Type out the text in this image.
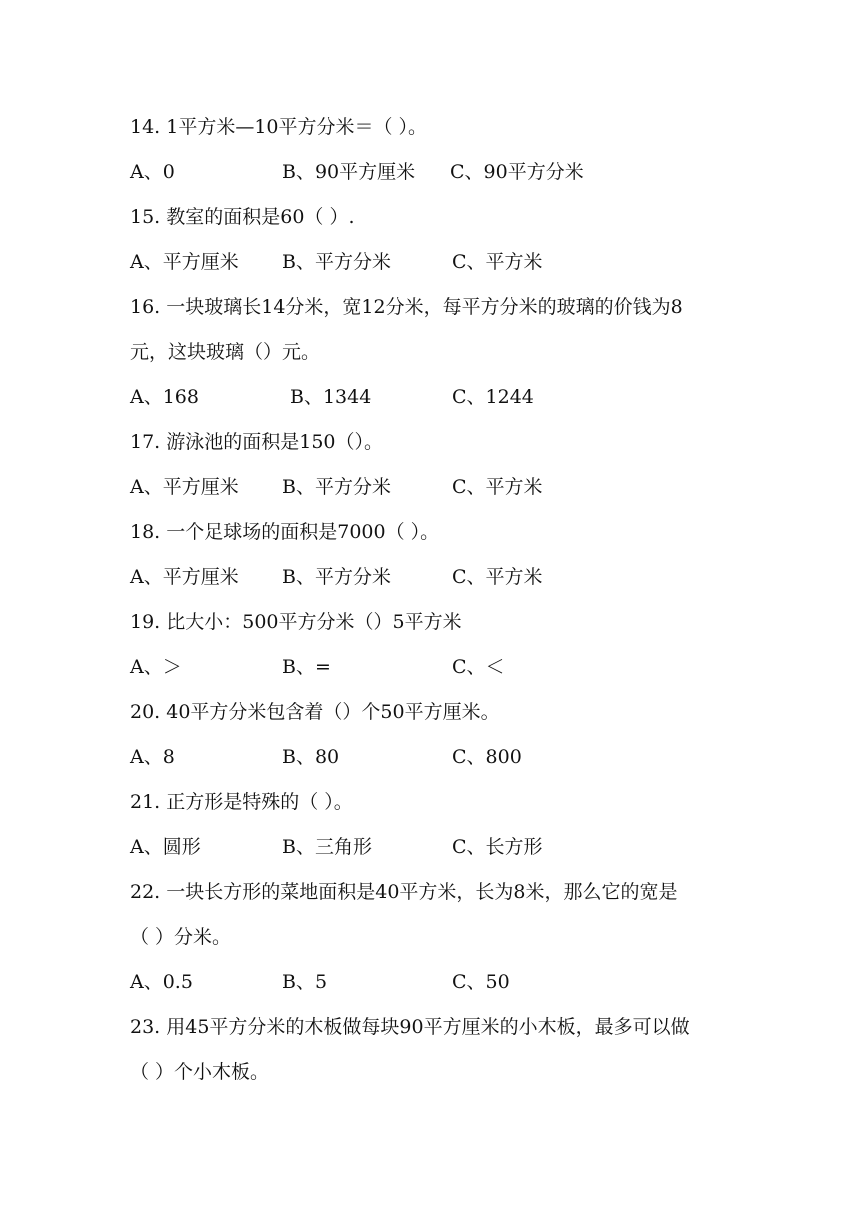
14. 1平方米—10平方分米＝（ ）。
A、0	B、90平方厘米 C、90平方分米
15. 教室的面积是60（ ）.
A、平方厘米 B、平方分米	C、平方米
16. 一块玻璃长14分米，宽12分米，每平方分米的玻璃的价钱为8
元，这块玻璃（）元。
A、168	B、1344	C、1244
17. 游泳池的面积是150（）。
A、平方厘米 B、平方分米	C、平方米
18. 一个足球场的面积是7000（ ）。
A、平方厘米 B、平方分米	C、平方米
19. 比大小：500平方分米（）5平方米
A、＞	B、=	C、＜
20. 40平方分米包含着（）个50平方厘米。
A、8	B、80	C、800
21. 正方形是特殊的（ ）。
A、圆形	B、三角形	C、长方形
22. 一块长方形的菜地面积是40平方米，长为8米，那么它的宽是
（ ）分米。
A、0.5	B、5	C、50
23. 用45平方分米的木板做每块90平方厘米的小木板，最多可以做
（ ）个小木板。
